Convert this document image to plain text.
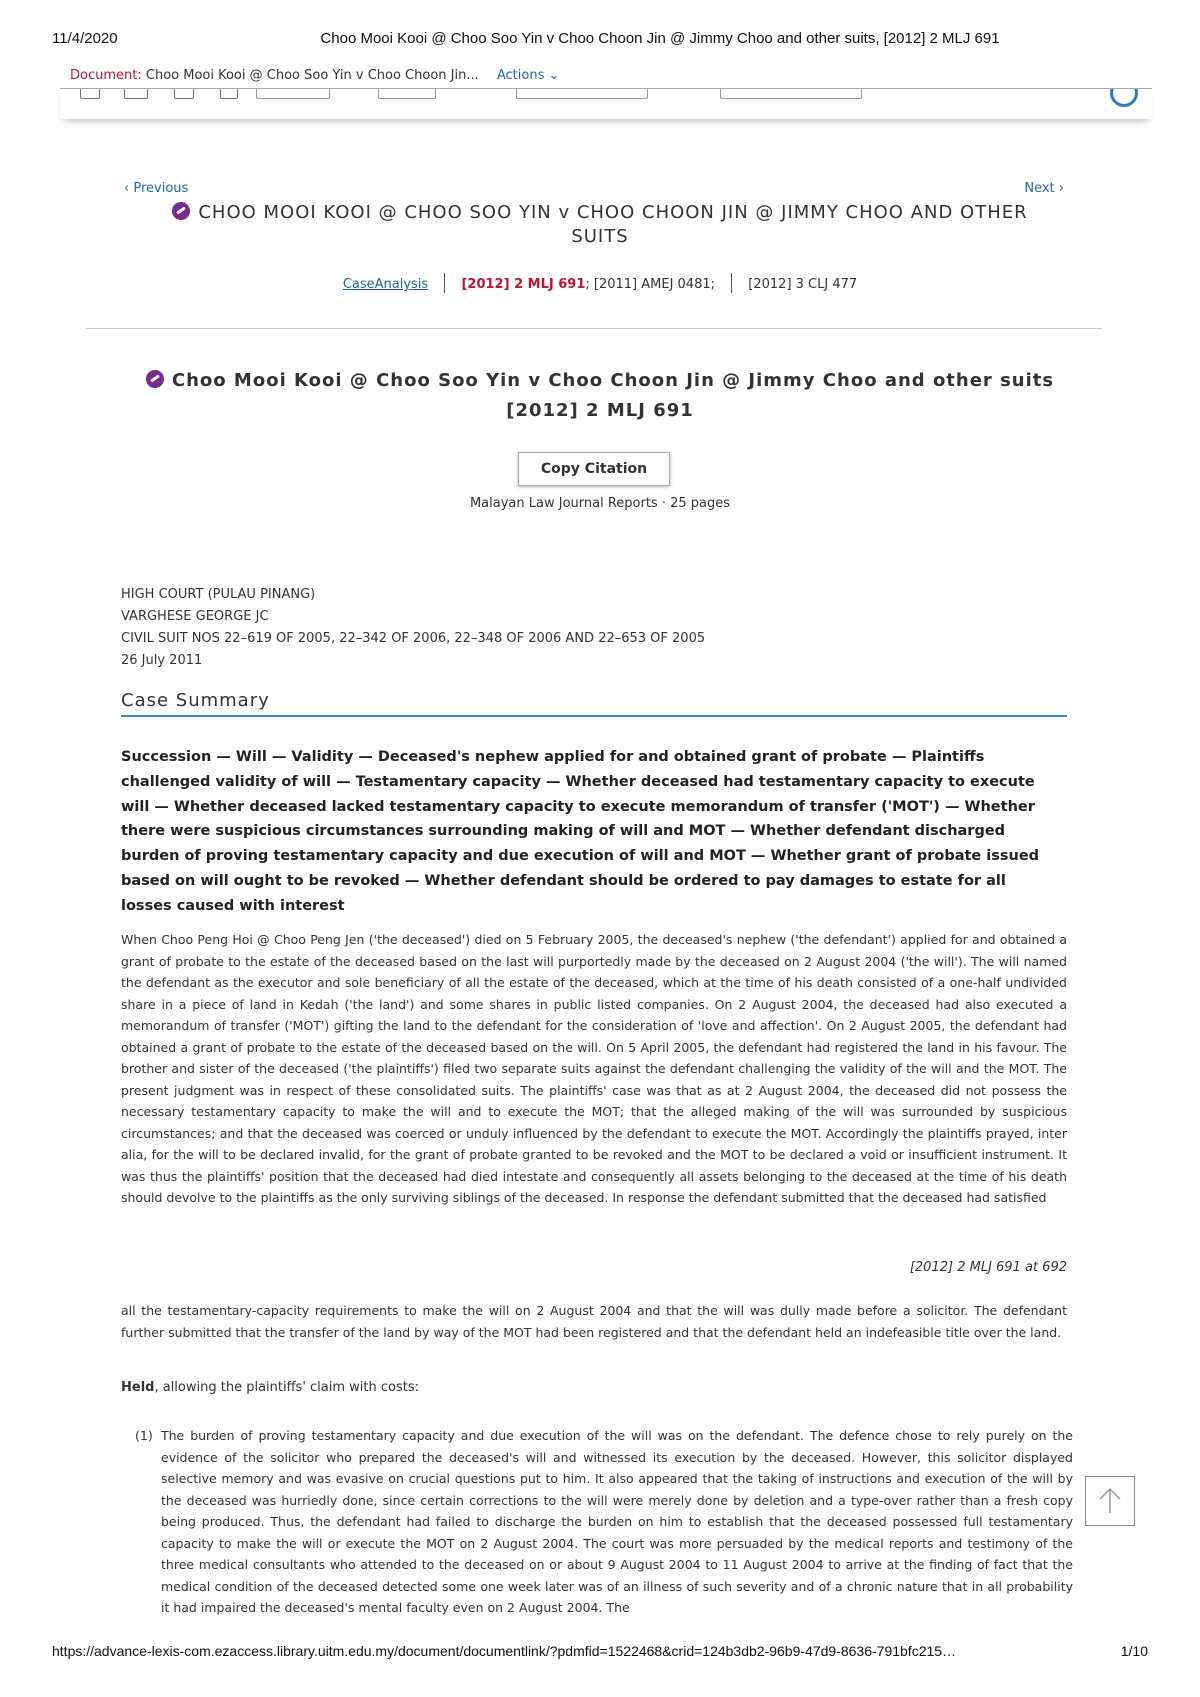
11/4/2020	Choo Mooi Kooi @ Choo Soo Yin v Choo Choon Jin @ Jimmy Choo and other suits, [2012] 2 MLJ 691
Document: Choo Mooi Kooi @ Choo Soo Yin v Choo Choon Jin... Actions ⌄
‹ Previous	Next ›
CHOO MOOI KOOI @ CHOO SOO YIN v CHOO CHOON JIN @ JIMMY CHOO AND OTHER SUITS
CaseAnalysis	[2012] 2 MLJ 691; [2011] AMEJ 0481;	[2012] 3 CLJ 477
Choo Mooi Kooi @ Choo Soo Yin v Choo Choon Jin @ Jimmy Choo and other suits [2012] 2 MLJ 691
Copy Citation
Malayan Law Journal Reports · 25 pages
HIGH COURT (PULAU PINANG)
VARGHESE GEORGE JC
CIVIL SUIT NOS 22–619 OF 2005, 22–342 OF 2006, 22–348 OF 2006 AND 22–653 OF 2005
26 July 2011
Case Summary
Succession — Will — Validity — Deceased's nephew applied for and obtained grant of probate — Plaintiffs challenged validity of will — Testamentary capacity — Whether deceased had testamentary capacity to execute will — Whether deceased lacked testamentary capacity to execute memorandum of transfer ('MOT') — Whether there were suspicious circumstances surrounding making of will and MOT — Whether defendant discharged burden of proving testamentary capacity and due execution of will and MOT — Whether grant of probate issued based on will ought to be revoked — Whether defendant should be ordered to pay damages to estate for all losses caused with interest
When Choo Peng Hoi @ Choo Peng Jen ('the deceased') died on 5 February 2005, the deceased's nephew ('the defendant') applied for and obtained a grant of probate to the estate of the deceased based on the last will purportedly made by the deceased on 2 August 2004 ('the will'). The will named the defendant as the executor and sole beneficiary of all the estate of the deceased, which at the time of his death consisted of a one-half undivided share in a piece of land in Kedah ('the land') and some shares in public listed companies. On 2 August 2004, the deceased had also executed a memorandum of transfer ('MOT') gifting the land to the defendant for the consideration of 'love and affection'. On 2 August 2005, the defendant had obtained a grant of probate to the estate of the deceased based on the will. On 5 April 2005, the defendant had registered the land in his favour. The brother and sister of the deceased ('the plaintiffs') filed two separate suits against the defendant challenging the validity of the will and the MOT. The present judgment was in respect of these consolidated suits. The plaintiffs' case was that as at 2 August 2004, the deceased did not possess the necessary testamentary capacity to make the will and to execute the MOT; that the alleged making of the will was surrounded by suspicious circumstances; and that the deceased was coerced or unduly influenced by the defendant to execute the MOT. Accordingly the plaintiffs prayed, inter alia, for the will to be declared invalid, for the grant of probate granted to be revoked and the MOT to be declared a void or insufficient instrument. It was thus the plaintiffs' position that the deceased had died intestate and consequently all assets belonging to the deceased at the time of his death should devolve to the plaintiffs as the only surviving siblings of the deceased. In response the defendant submitted that the deceased had satisfied
[2012] 2 MLJ 691 at 692
all the testamentary-capacity requirements to make the will on 2 August 2004 and that the will was dully made before a solicitor. The defendant further submitted that the transfer of the land by way of the MOT had been registered and that the defendant held an indefeasible title over the land.
Held, allowing the plaintiffs' claim with costs:
(1) The burden of proving testamentary capacity and due execution of the will was on the defendant. The defence chose to rely purely on the evidence of the solicitor who prepared the deceased's will and witnessed its execution by the deceased. However, this solicitor displayed selective memory and was evasive on crucial questions put to him. It also appeared that the taking of instructions and execution of the will by the deceased was hurriedly done, since certain corrections to the will were merely done by deletion and a type-over rather than a fresh copy being produced. Thus, the defendant had failed to discharge the burden on him to establish that the deceased possessed full testamentary capacity to make the will or execute the MOT on 2 August 2004. The court was more persuaded by the medical reports and testimony of the three medical consultants who attended to the deceased on or about 9 August 2004 to 11 August 2004 to arrive at the finding of fact that the medical condition of the deceased detected some one week later was of an illness of such severity and of a chronic nature that in all probability it had impaired the deceased's mental faculty even on 2 August 2004. The
https://advance-lexis-com.ezaccess.library.uitm.edu.my/document/documentlink/?pdmfid=1522468&crid=124b3db2-96b9-47d9-8636-791bfc215…	1/10
